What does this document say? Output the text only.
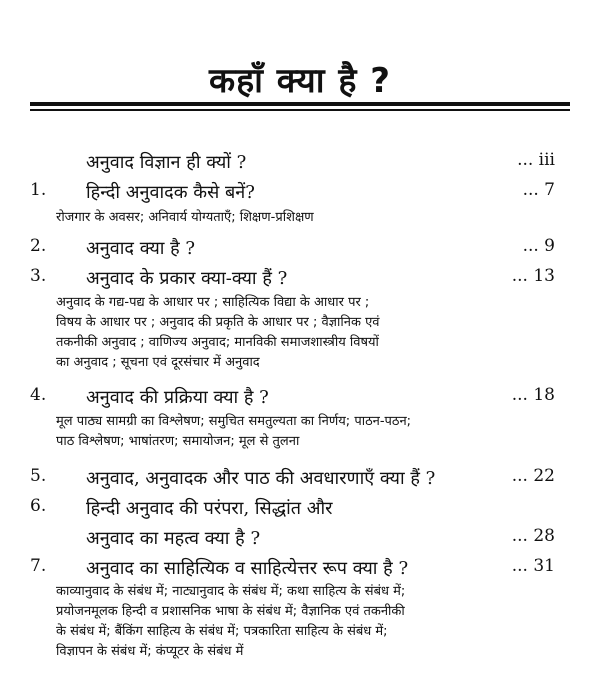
कहाँ क्या है ?
अनुवाद विज्ञान ही क्यों ?	... iii
1.	हिन्दी अनुवादक कैसे बनें?	... 7
रोजगार के अवसर; अनिवार्य योग्यताएँ; शिक्षण-प्रशिक्षण
2.	अनुवाद क्या है ?	... 9
3.	अनुवाद के प्रकार क्या-क्या हैं ?	... 13
अनुवाद के गद्य-पद्य के आधार पर ; साहित्यिक विद्या के आधार पर ;
विषय के आधार पर ; अनुवाद की प्रकृति के आधार पर ; वैज्ञानिक एवं
तकनीकी अनुवाद ; वाणिज्य अनुवाद; मानविकी समाजशास्त्रीय विषयों
का अनुवाद ; सूचना एवं दूरसंचार में अनुवाद
4.	अनुवाद की प्रक्रिया क्या है ?	... 18
मूल पाठ्य सामग्री का विश्लेषण; समुचित समतुल्यता का निर्णय; पाठन-पठन;
पाठ विश्लेषण; भाषांतरण; समायोजन; मूल से तुलना
5.	अनुवाद, अनुवादक और पाठ की अवधारणाएँ क्या हैं ?	... 22
6.	हिन्दी अनुवाद की परंपरा, सिद्धांत और
अनुवाद का महत्व क्या है ?	... 28
7.	अनुवाद का साहित्यिक व साहित्येत्तर रूप क्या है ?	... 31
काव्यानुवाद के संबंध में; नाट्यानुवाद के संबंध में; कथा साहित्य के संबंध में;
प्रयोजनमूलक हिन्दी व प्रशासनिक भाषा के संबंध में; वैज्ञानिक एवं तकनीकी
के संबंध में; बैंकिंग साहित्य के संबंध में; पत्रकारिता साहित्य के संबंध में;
विज्ञापन के संबंध में; कंप्यूटर के संबंध में
